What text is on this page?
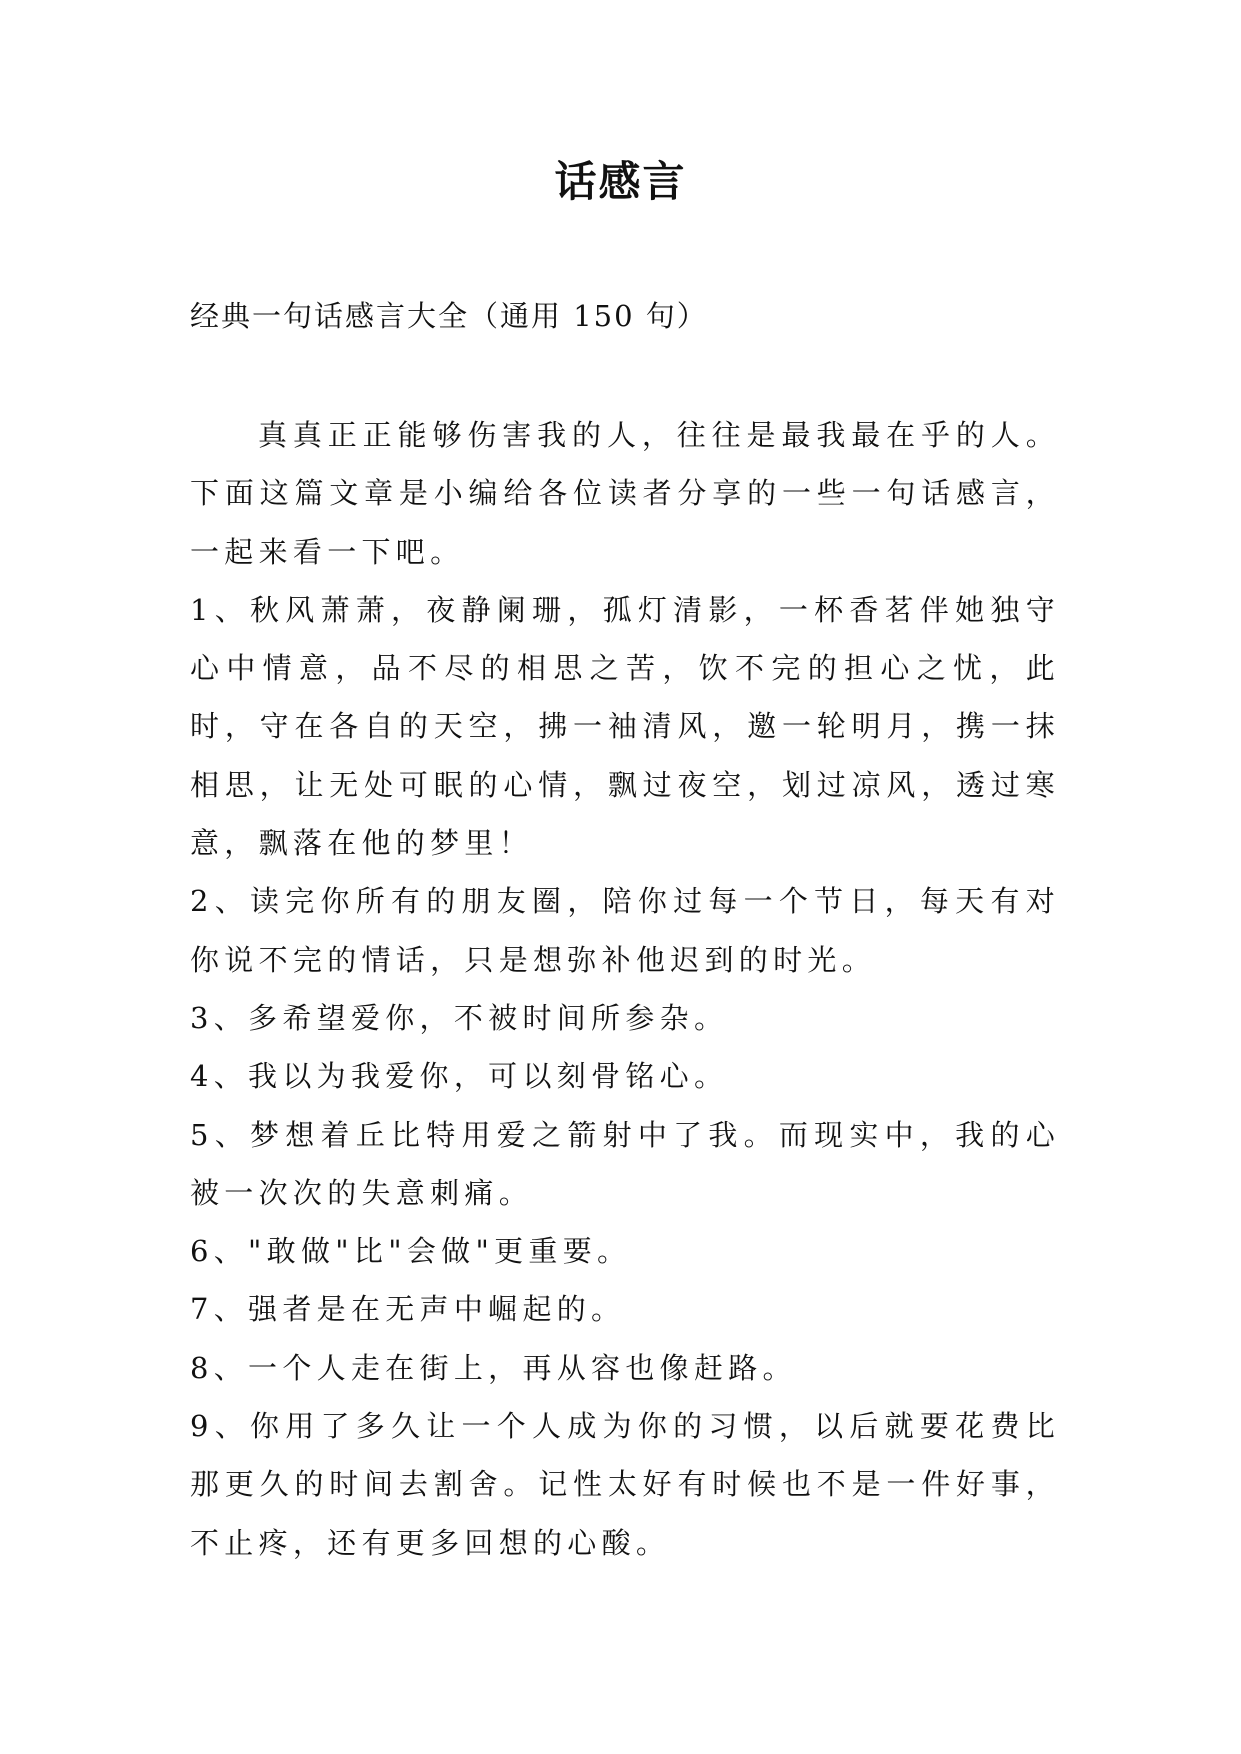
话感言

经典一句话感言大全（通用 150 句）

真真正正能够伤害我的人，往往是最我最在乎的人。下面这篇文章是小编给各位读者分享的一些一句话感言，一起来看一下吧。

1、秋风萧萧，夜静阑珊，孤灯清影，一杯香茗伴她独守心中情意，品不尽的相思之苦，饮不完的担心之忧，此时，守在各自的天空，拂一袖清风，邀一轮明月，携一抹相思，让无处可眠的心情，飘过夜空，划过凉风，透过寒意，飘落在他的梦里！

2、读完你所有的朋友圈，陪你过每一个节日，每天有对你说不完的情话，只是想弥补他迟到的时光。

3、多希望爱你，不被时间所参杂。

4、我以为我爱你，可以刻骨铭心。

5、梦想着丘比特用爱之箭射中了我。而现实中，我的心被一次次的失意刺痛。

6、"敢做"比"会做"更重要。

7、强者是在无声中崛起的。

8、一个人走在街上，再从容也像赶路。

9、你用了多久让一个人成为你的习惯，以后就要花费比那更久的时间去割舍。记性太好有时候也不是一件好事，不止疼，还有更多回想的心酸。
